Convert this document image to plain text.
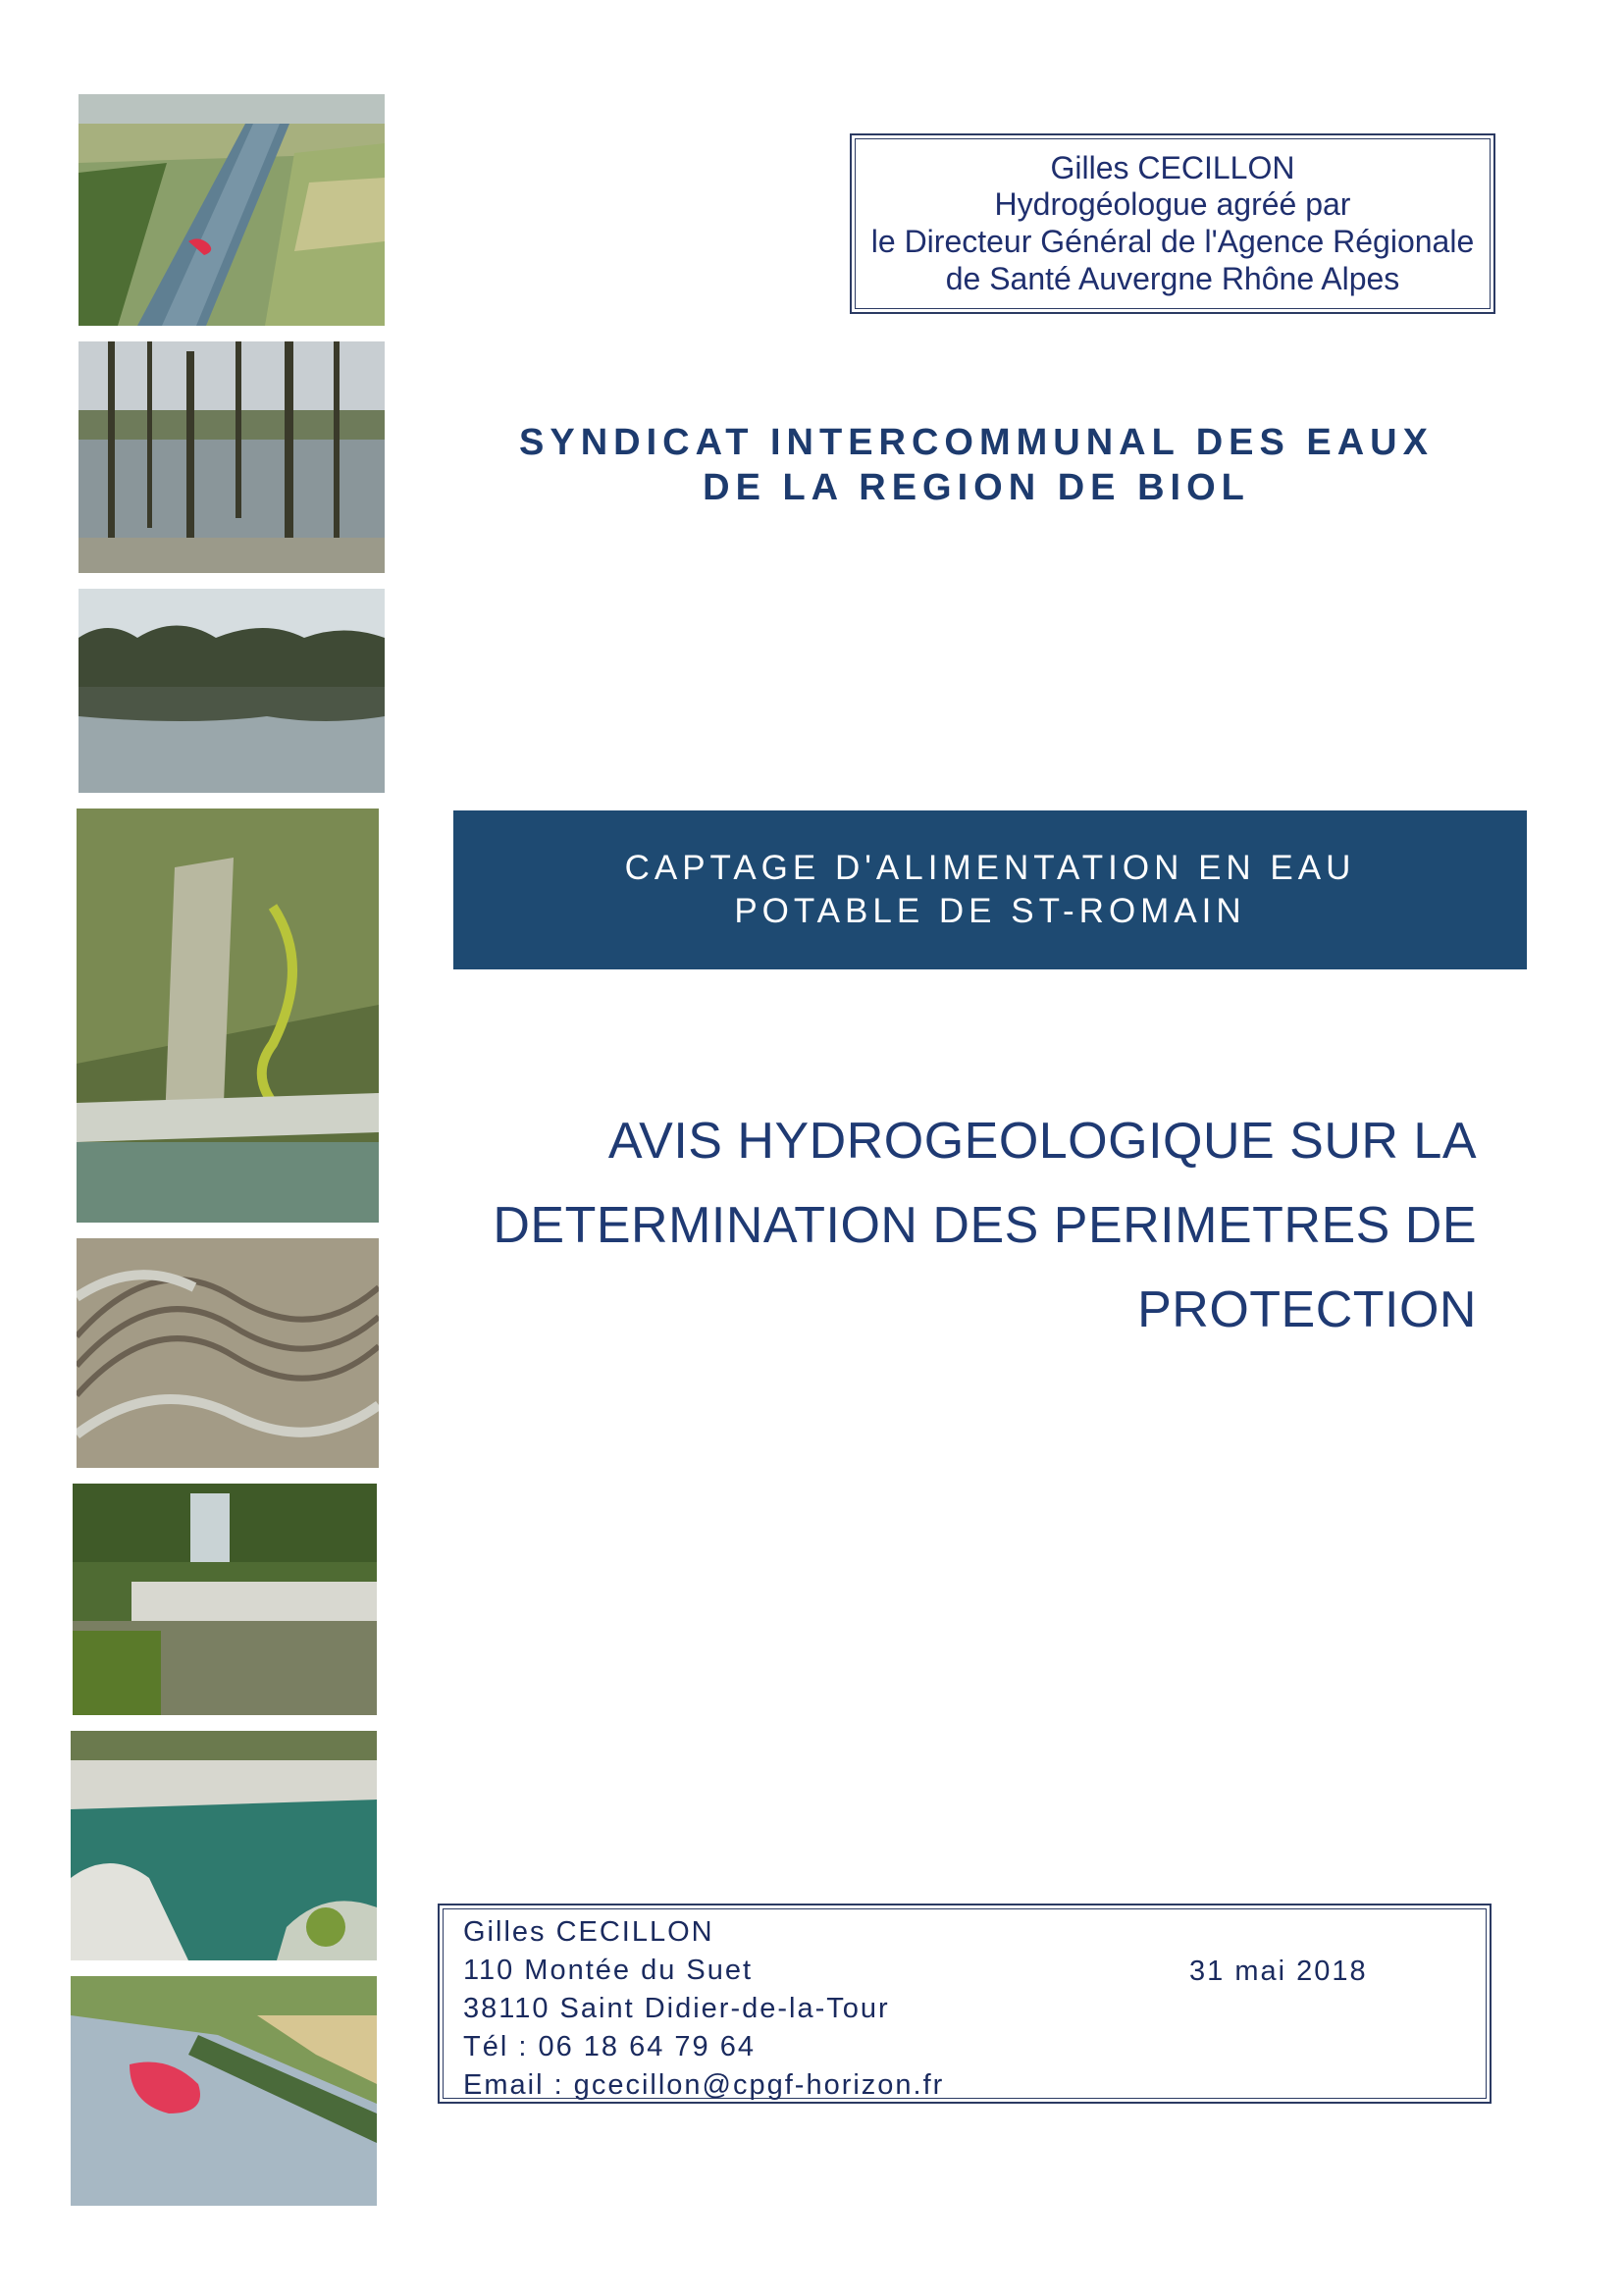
Gilles CECILLON
Hydrogéologue agréé par
le Directeur Général de l'Agence Régionale
de Santé Auvergne Rhône Alpes
SYNDICAT INTERCOMMUNAL DES EAUX
DE LA REGION DE BIOL
CAPTAGE D'ALIMENTATION EN EAU
POTABLE DE ST-ROMAIN
AVIS HYDROGEOLOGIQUE SUR LA
DETERMINATION DES PERIMETRES DE
PROTECTION
Gilles CECILLON
110 Montée du Suet
38110 Saint Didier-de-la-Tour
Tél : 06 18 64 79 64
Email : gcecillon@cpgf-horizon.fr
31 mai 2018
